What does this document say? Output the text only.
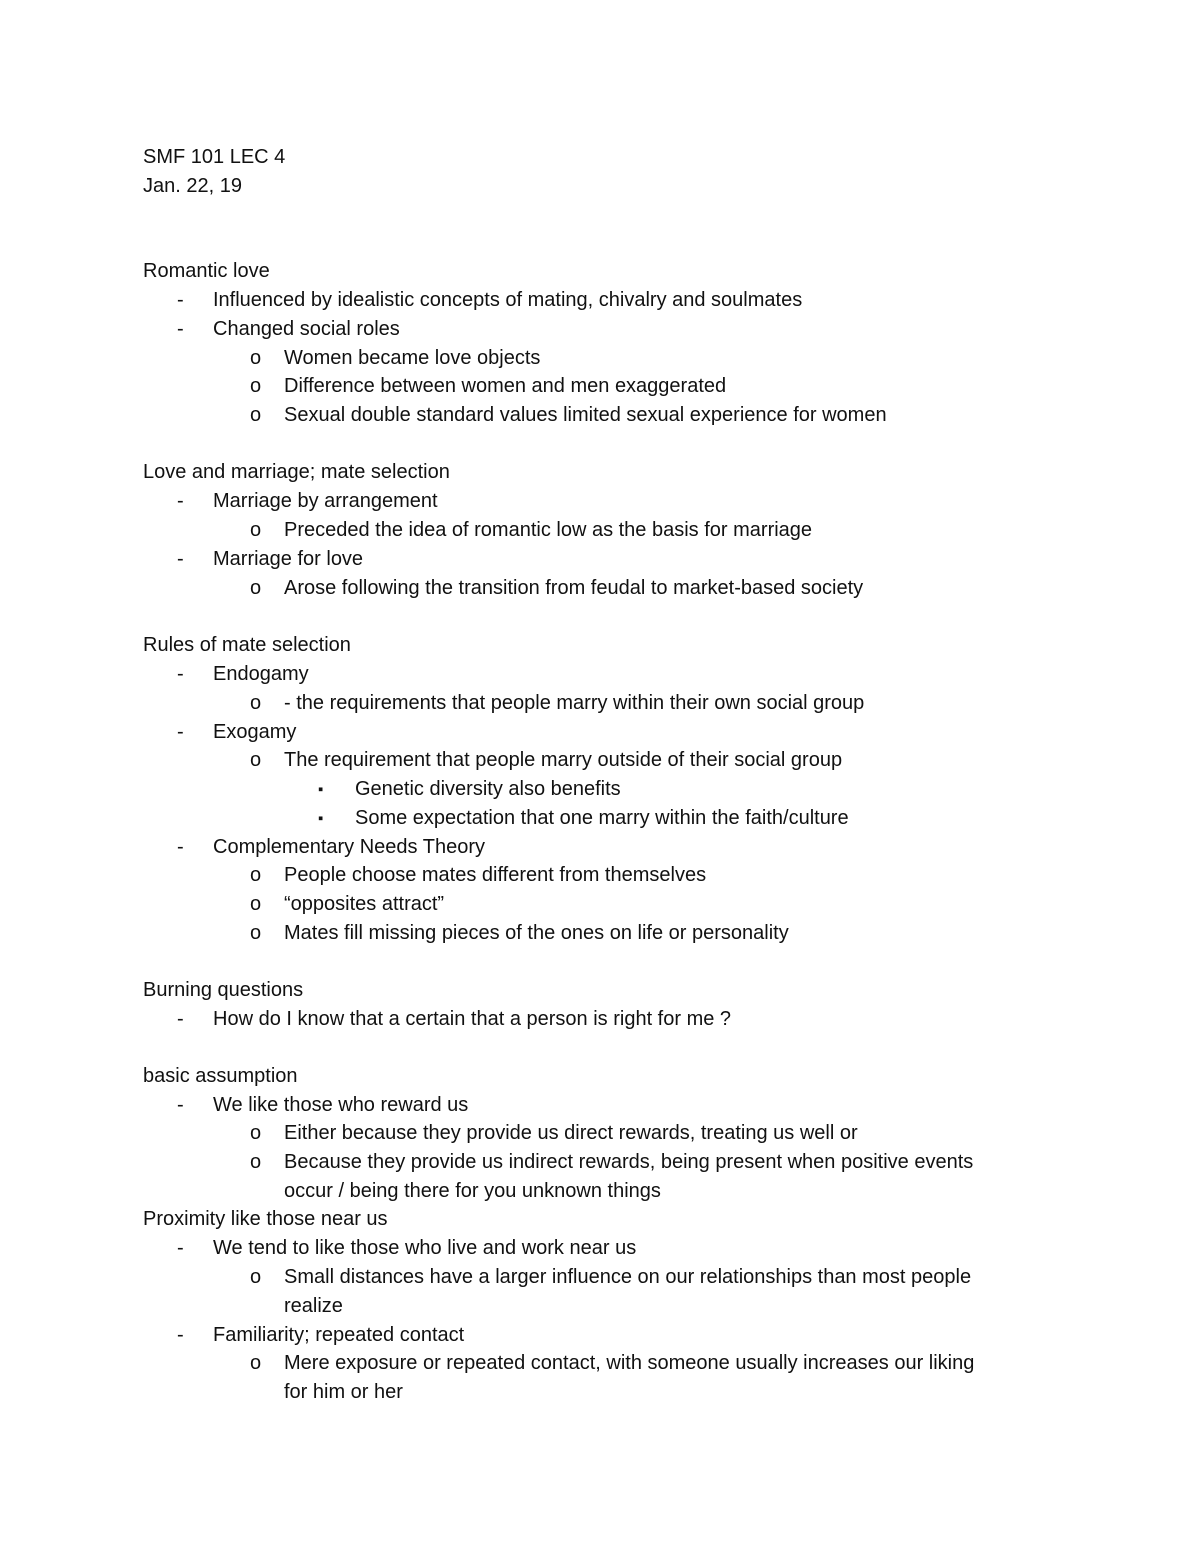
SMF 101 LEC 4
Jan. 22, 19
Romantic love
- Influenced by idealistic concepts of mating, chivalry and soulmates
- Changed social roles
o Women became love objects
o Difference between women and men exaggerated
o Sexual double standard values limited sexual experience for women
Love and marriage; mate selection
- Marriage by arrangement
o Preceded the idea of romantic low as the basis for marriage
- Marriage for love
o Arose following the transition from feudal to market-based society
Rules of mate selection
- Endogamy
o - the requirements that people marry within their own social group
- Exogamy
o The requirement that people marry outside of their social group
▪ Genetic diversity also benefits
▪ Some expectation that one marry within the faith/culture
- Complementary Needs Theory
o People choose mates different from themselves
o “opposites attract”
o Mates fill missing pieces of the ones on life or personality
Burning questions
- How do I know that a certain that a person is right for me ?
basic assumption
- We like those who reward us
o Either because they provide us direct rewards, treating us well or
o Because they provide us indirect rewards, being present when positive events
occur / being there for you unknown things
Proximity like those near us
- We tend to like those who live and work near us
o Small distances have a larger influence on our relationships than most people
realize
- Familiarity; repeated contact
o Mere exposure or repeated contact, with someone usually increases our liking
for him or her
